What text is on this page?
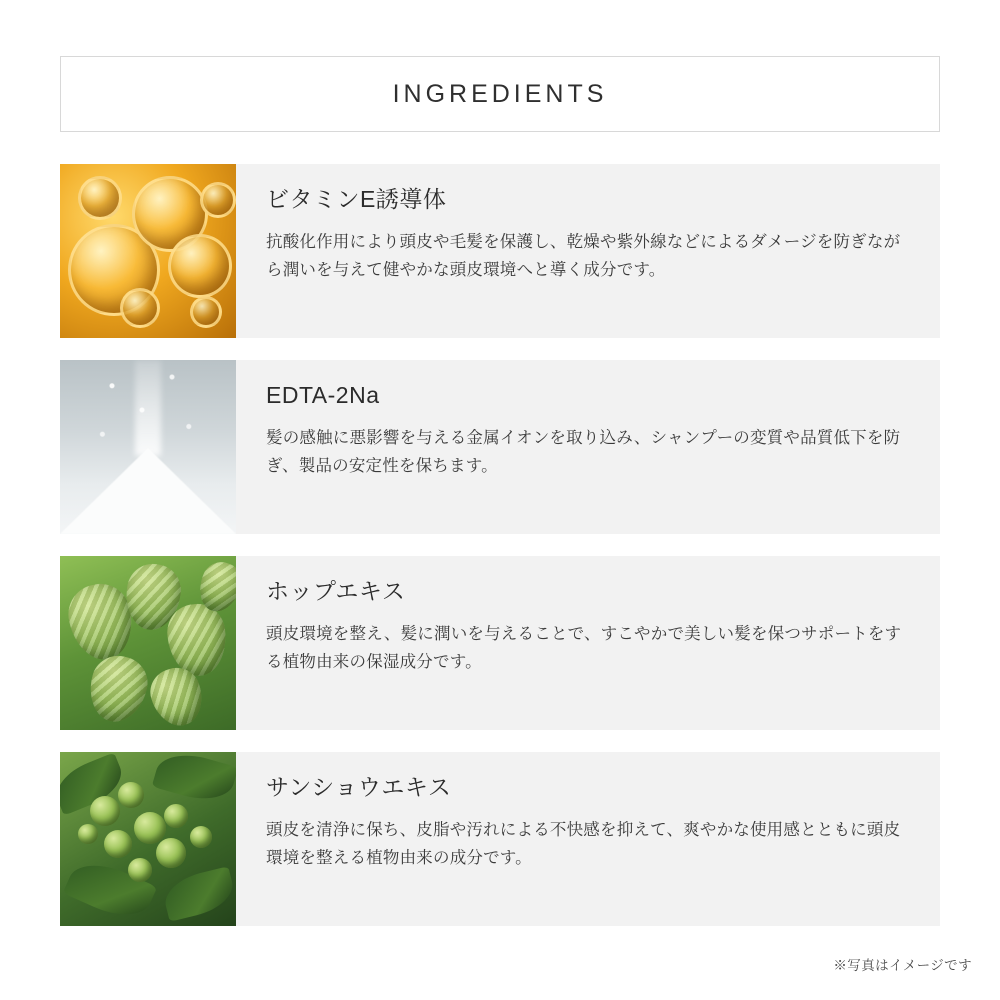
INGREDIENTS

ビタミンE誘導体

抗酸化作用により頭皮や毛髪を保護し、乾燥や紫外線などによるダメージを防ぎながら潤いを与えて健やかな頭皮環境へと導く成分です。

EDTA-2Na

髪の感触に悪影響を与える金属イオンを取り込み、シャンプーの変質や品質低下を防ぎ、製品の安定性を保ちます。

ホップエキス

頭皮環境を整え、髪に潤いを与えることで、すこやかで美しい髪を保つサポートをする植物由来の保湿成分です。

サンショウエキス

頭皮を清浄に保ち、皮脂や汚れによる不快感を抑えて、爽やかな使用感とともに頭皮環境を整える植物由来の成分です。

※写真はイメージです
